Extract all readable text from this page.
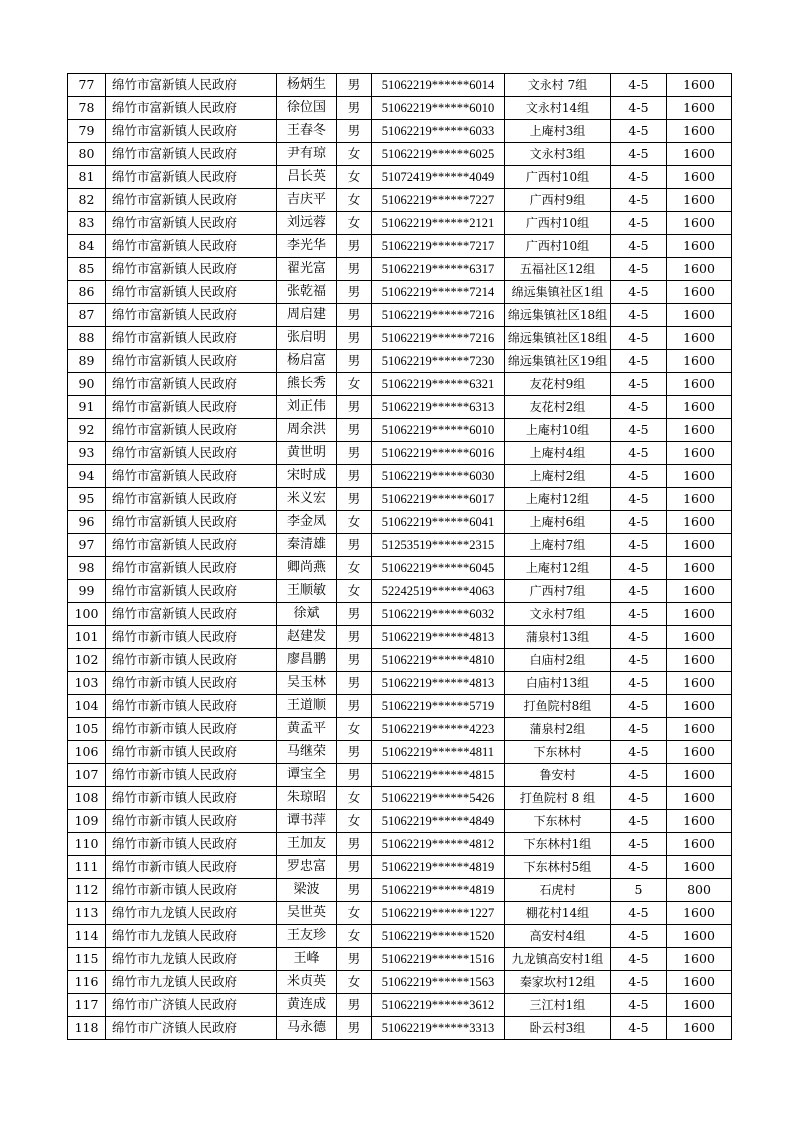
77	绵竹市富新镇人民政府	杨炳生	男	51062219******6014	文永村 7组	4-5	1600
78	绵竹市富新镇人民政府	徐位国	男	51062219******6010	文永村14组	4-5	1600
79	绵竹市富新镇人民政府	王春冬	男	51062219******6033	上庵村3组	4-5	1600
80	绵竹市富新镇人民政府	尹有琼	女	51062219******6025	文永村3组	4-5	1600
81	绵竹市富新镇人民政府	吕长英	女	51072419******4049	广西村10组	4-5	1600
82	绵竹市富新镇人民政府	吉庆平	女	51062219******7227	广西村9组	4-5	1600
83	绵竹市富新镇人民政府	刘远蓉	女	51062219******2121	广西村10组	4-5	1600
84	绵竹市富新镇人民政府	李光华	男	51062219******7217	广西村10组	4-5	1600
85	绵竹市富新镇人民政府	翟光富	男	51062219******6317	五福社区12组	4-5	1600
86	绵竹市富新镇人民政府	张乾福	男	51062219******7214	绵远集镇社区1组	4-5	1600
87	绵竹市富新镇人民政府	周启建	男	51062219******7216	绵远集镇社区18组	4-5	1600
88	绵竹市富新镇人民政府	张启明	男	51062219******7216	绵远集镇社区18组	4-5	1600
89	绵竹市富新镇人民政府	杨启富	男	51062219******7230	绵远集镇社区19组	4-5	1600
90	绵竹市富新镇人民政府	熊长秀	女	51062219******6321	友花村9组	4-5	1600
91	绵竹市富新镇人民政府	刘正伟	男	51062219******6313	友花村2组	4-5	1600
92	绵竹市富新镇人民政府	周余洪	男	51062219******6010	上庵村10组	4-5	1600
93	绵竹市富新镇人民政府	黄世明	男	51062219******6016	上庵村4组	4-5	1600
94	绵竹市富新镇人民政府	宋时成	男	51062219******6030	上庵村2组	4-5	1600
95	绵竹市富新镇人民政府	米义宏	男	51062219******6017	上庵村12组	4-5	1600
96	绵竹市富新镇人民政府	李金凤	女	51062219******6041	上庵村6组	4-5	1600
97	绵竹市富新镇人民政府	秦清雄	男	51253519******2315	上庵村7组	4-5	1600
98	绵竹市富新镇人民政府	卿尚燕	女	51062219******6045	上庵村12组	4-5	1600
99	绵竹市富新镇人民政府	王顺敏	女	52242519******4063	广西村7组	4-5	1600
100	绵竹市富新镇人民政府	徐斌	男	51062219******6032	文永村7组	4-5	1600
101	绵竹市新市镇人民政府	赵建发	男	51062219******4813	蒲泉村13组	4-5	1600
102	绵竹市新市镇人民政府	廖昌鹏	男	51062219******4810	白庙村2组	4-5	1600
103	绵竹市新市镇人民政府	吴玉林	男	51062219******4813	白庙村13组	4-5	1600
104	绵竹市新市镇人民政府	王道顺	男	51062219******5719	打鱼院村8组	4-5	1600
105	绵竹市新市镇人民政府	黄孟平	女	51062219******4223	蒲泉村2组	4-5	1600
106	绵竹市新市镇人民政府	马继荣	男	51062219******4811	下东林村	4-5	1600
107	绵竹市新市镇人民政府	谭宝全	男	51062219******4815	鲁安村	4-5	1600
108	绵竹市新市镇人民政府	朱琼昭	女	51062219******5426	打鱼院村 8 组	4-5	1600
109	绵竹市新市镇人民政府	谭书萍	女	51062219******4849	下东林村	4-5	1600
110	绵竹市新市镇人民政府	王加友	男	51062219******4812	下东林村1组	4-5	1600
111	绵竹市新市镇人民政府	罗忠富	男	51062219******4819	下东林村5组	4-5	1600
112	绵竹市新市镇人民政府	梁波	男	51062219******4819	石虎村	5	800
113	绵竹市九龙镇人民政府	吴世英	女	51062219******1227	棚花村14组	4-5	1600
114	绵竹市九龙镇人民政府	王友珍	女	51062219******1520	高安村4组	4-5	1600
115	绵竹市九龙镇人民政府	王峰	男	51062219******1516	九龙镇高安村1组	4-5	1600
116	绵竹市九龙镇人民政府	米贞英	女	51062219******1563	秦家坎村12组	4-5	1600
117	绵竹市广济镇人民政府	黄连成	男	51062219******3612	三江村1组	4-5	1600
118	绵竹市广济镇人民政府	马永德	男	51062219******3313	卧云村3组	4-5	1600
